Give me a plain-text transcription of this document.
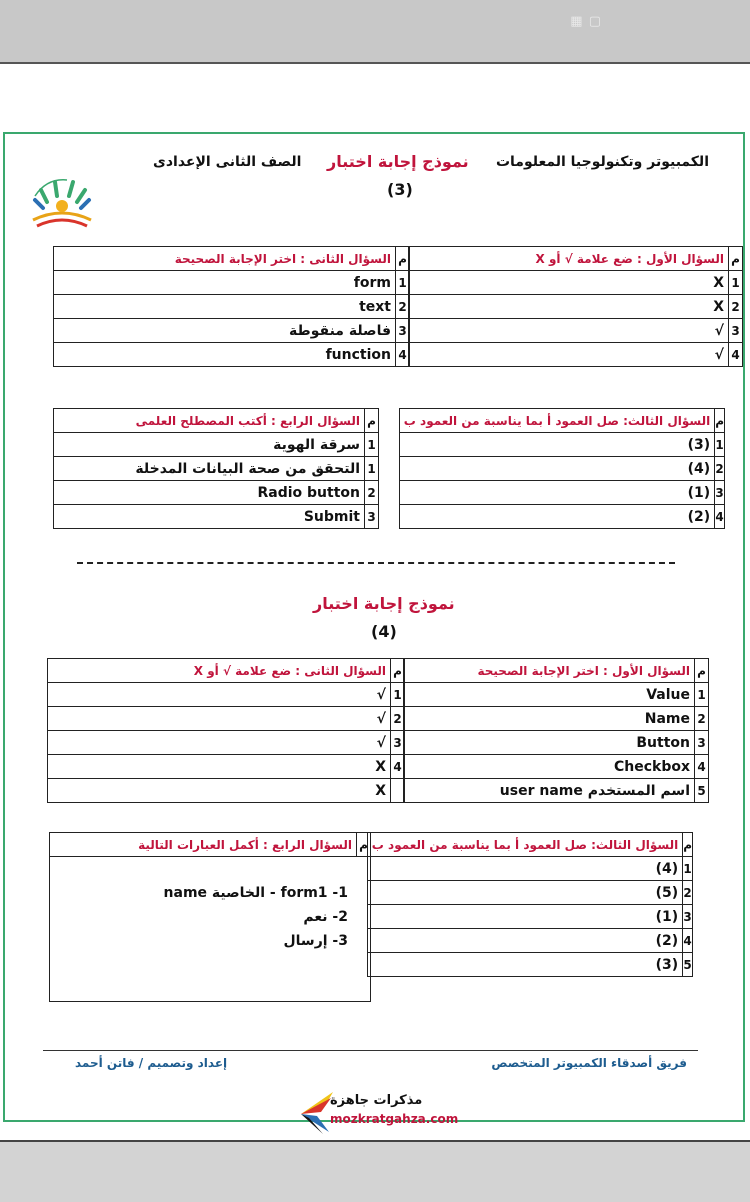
▦ ▢
الكمبيوتر وتكنولوجيا المعلومات
نموذج إجابة اختبار
الصف الثانى الإعدادى
(3)
م	السؤال الأول : ضع علامة √ أو X
1	X
2	X
3	√
4	√
م	السؤال الثانى : اختر الإجابة الصحيحة
1	form
2	text
3	فاصلة منقوطة
4	function
م	السؤال الثالث: صل العمود أ بما يناسبة من العمود ب
1	(3)
2	(4)
3	(1)
4	(2)
م	السؤال الرابع : أكتب المصطلح العلمى
1	سرقة الهوية
1	التحقق من صحة البيانات المدخلة
2	Radio button
3	Submit
نموذج إجابة اختبار
(4)
م	السؤال الأول : اختر الإجابة الصحيحة
1	Value
2	Name
3	Button
4	Checkbox
5	اسم المستخدم user name
م	السؤال الثانى : ضع علامة √ أو X
1	√
2	√
3	√
4	X
	X
م	السؤال الثالث: صل العمود أ بما يناسبة من العمود ب
1	(4)
2	(5)
3	(1)
4	(2)
5	(3)
م	السؤال الرابع : أكمل العبارات التالية

1- form1 - الخاصية name
2- نعم
3- إرسال
فريق أصدقاء الكمبيوتر المتخصص
إعداد وتصميم / فاتن أحمد
مذكرات جاهزة
mozkratgahza.com
